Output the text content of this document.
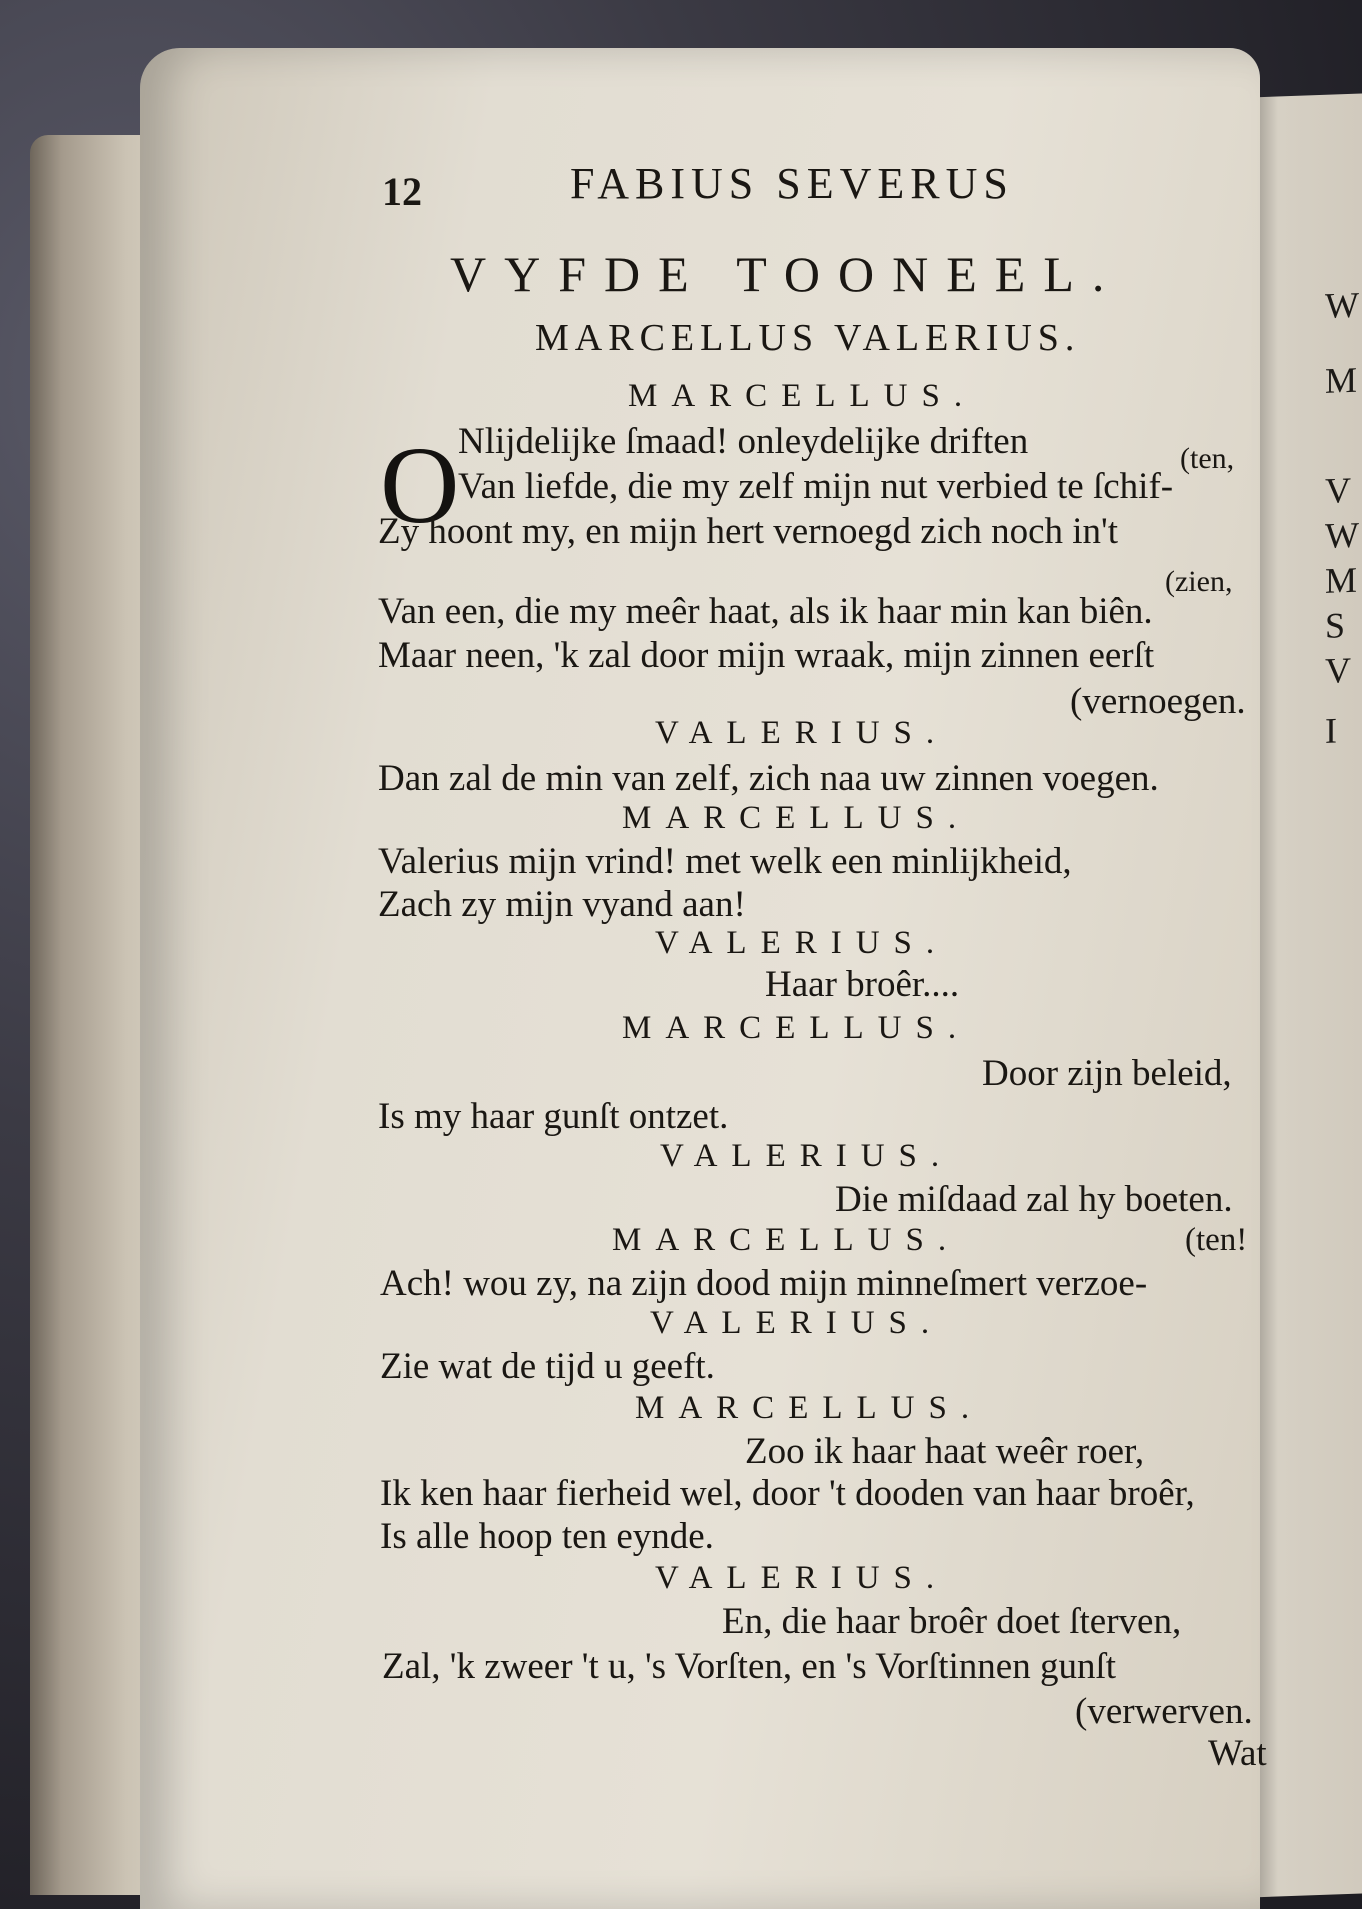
W
M
V
W
M
S
V
I
12	FABIUS SEVERUS
VYFDE TOONEEL.
MARCELLUS VALERIUS.
MARCELLUS.
O
Nlijdelijke ſmaad! onleydelijke driften	(ten,
Van liefde, die my zelf mijn nut verbied te ſchif-
Zy hoont my, en mijn hert vernoegd zich noch in't
(zien,
Van een, die my meêr haat, als ik haar min kan biên.
Maar neen, 'k zal door mijn wraak, mijn zinnen eerſt
(vernoegen.
VALERIUS.
Dan zal de min van zelf, zich naa uw zinnen voegen.
MARCELLUS.
Valerius mijn vrind! met welk een minlijkheid,
Zach zy mijn vyand aan!
VALERIUS.
Haar broêr....
MARCELLUS.
Door zijn beleid,
Is my haar gunſt ontzet.
VALERIUS.
Die miſdaad zal hy boeten.
MARCELLUS.	(ten!
Ach! wou zy, na zijn dood mijn minneſmert verzoe-
VALERIUS.
Zie wat de tijd u geeft.
MARCELLUS.
Zoo ik haar haat weêr roer,
Ik ken haar fierheid wel, door 't dooden van haar broêr,
Is alle hoop ten eynde.
VALERIUS.
En, die haar broêr doet ſterven,
Zal, 'k zweer 't u, 's Vorſten, en 's Vorſtinnen gunſt
(verwerven.
Wat
